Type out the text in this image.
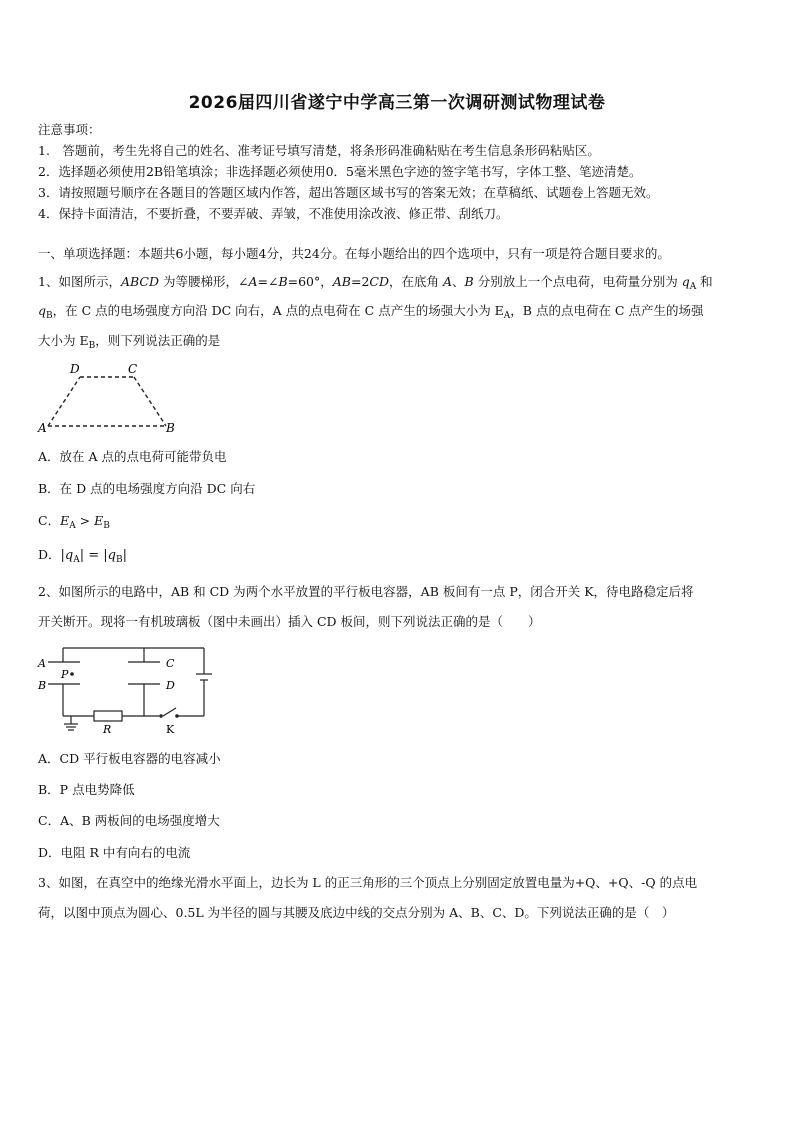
2026届四川省遂宁中学高三第一次调研测试物理试卷
注意事项：
1.　答题前，考生先将自己的姓名、准考证号填写清楚，将条形码准确粘贴在考生信息条形码粘贴区。
2．选择题必须使用2B铅笔填涂；非选择题必须使用0．5毫米黑色字迹的签字笔书写，字体工整、笔迹清楚。
3．请按照题号顺序在各题目的答题区域内作答，超出答题区域书写的答案无效；在草稿纸、试题卷上答题无效。
4．保持卡面清洁，不要折叠，不要弄破、弄皱，不准使用涂改液、修正带、刮纸刀。
一、单项选择题：本题共6小题，每小题4分，共24分。在每小题给出的四个选项中，只有一项是符合题目要求的。
1、如图所示，ABCD 为等腰梯形，∠A=∠B=60°，AB=2CD，在底角 A、B 分别放上一个点电荷，电荷量分别为 $q_A$ 和
$q_B$，在 C 点的电场强度方向沿 DC 向右，A 点的点电荷在 C 点产生的场强大小为 $E_A$，B 点的点电荷在 C 点产生的场强
大小为 $E_B$，则下列说法正确的是
A	B
C
D
A．放在 A 点的点电荷可能带负电
B．在 D 点的电场强度方向沿 DC 向右
C．$E_A > E_B$
D．$|q_A| = |q_B|$
2、如图所示的电路中，AB 和 CD 为两个水平放置的平行板电容器，AB 板间有一点 P，闭合开关 K，待电路稳定后将
开关断开。现将一有机玻璃板（图中未画出）插入 CD 板间，则下列说法正确的是（　　）
A
B
C
D
P
R	K
A．CD 平行板电容器的电容减小
B．P 点电势降低
C．A、B 两板间的电场强度增大
D．电阻 R 中有向右的电流
3、如图，在真空中的绝缘光滑水平面上，边长为 L 的正三角形的三个顶点上分别固定放置电量为+Q、+Q、-Q 的点电
荷，以图中顶点为圆心、0.5L 为半径的圆与其腰及底边中线的交点分别为 A、B、C、D。下列说法正确的是（　）
